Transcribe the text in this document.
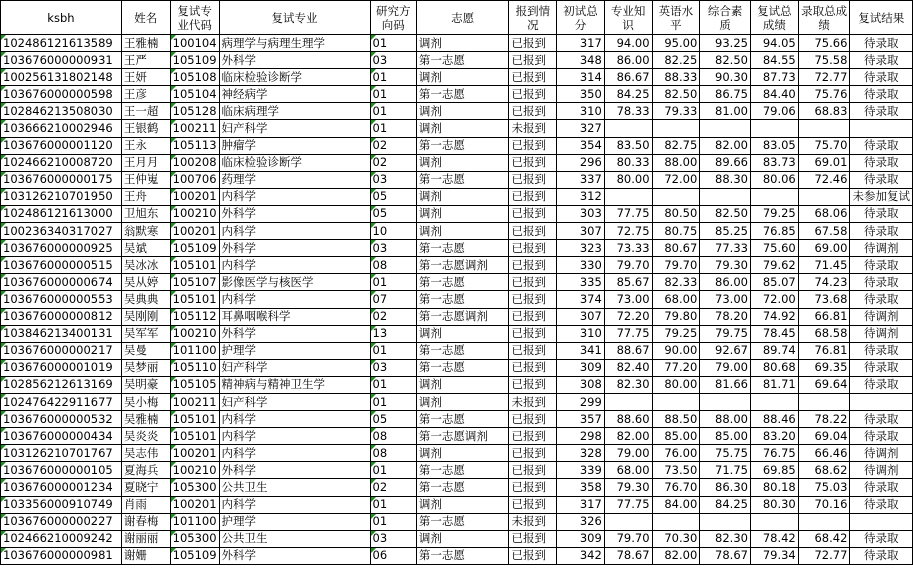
ksbh	姓名	复试专业代码	复试专业	研究方向码	志愿	报到情况	初试总分	专业知识	英语水平	综合素质	复试总成绩	录取总成绩	复试结果
102486121613589	王雅楠	100104	病理学与病理生理学	01	调剂	已报到	317	94.00	95.00	93.25	94.05	75.66	待录取
103676000000931	王严	105109	外科学	03	第一志愿	已报到	348	86.00	82.25	82.50	84.55	75.58	待录取
100256131802148	王妍	105108	临床检验诊断学	01	调剂	已报到	314	86.67	88.33	90.30	87.73	72.77	待录取
103676000000598	王彦	105104	神经病学	01	第一志愿	已报到	350	84.25	82.50	86.75	84.40	75.76	待录取
102846213508030	王一超	105128	临床病理学	01	调剂	已报到	310	78.33	79.33	81.00	79.06	68.83	待录取
103666210002946	王银鹤	100211	妇产科学	01	调剂	未报到	327						
103676000001120	王永	105113	肿瘤学	02	第一志愿	已报到	354	83.50	82.75	82.00	83.05	75.70	待录取
102466210008720	王月月	100208	临床检验诊断学	02	调剂	已报到	296	80.33	88.00	89.66	83.73	69.01	待录取
103676000000175	王仲嵬	100706	药理学	03	第一志愿	已报到	337	80.00	72.00	88.30	80.06	72.46	待录取
103126210701950	王舟	100201	内科学	05	调剂	已报到	312						未参加复试
102486121613000	卫旭东	100210	外科学	05	调剂	已报到	303	77.75	80.50	82.50	79.25	68.06	待录取
100236340317027	翁默寒	100201	内科学	10	调剂	已报到	307	72.75	80.75	85.25	76.85	67.58	待录取
103676000000925	吴斌	105109	外科学	03	第一志愿	已报到	323	73.33	80.67	77.33	75.60	69.00	待调剂
103676000000515	吴冰冰	105101	内科学	08	第一志愿调剂	已报到	330	79.70	79.70	79.30	79.62	71.45	待录取
103676000000674	吴从婷	105107	影像医学与核医学	01	第一志愿	已报到	335	85.67	82.33	86.00	85.07	74.23	待录取
103676000000553	吴典典	105101	内科学	07	第一志愿	已报到	374	73.00	68.00	73.00	72.00	73.68	待录取
103676000000812	吴刚刚	105112	耳鼻咽喉科学	02	第一志愿调剂	已报到	307	72.20	79.80	78.20	74.92	66.81	待调剂
103846213400131	吴军军	100210	外科学	13	调剂	已报到	310	77.75	79.25	79.75	78.45	68.58	待调剂
103676000000217	吴曼	101100	护理学	01	第一志愿	已报到	341	88.67	90.00	92.67	89.74	76.81	待录取
103676000001019	吴梦丽	105110	妇产科学	03	第一志愿	已报到	309	82.40	77.20	79.00	80.68	69.35	待录取
102856212613169	吴明豪	105105	精神病与精神卫生学	01	调剂	已报到	308	82.30	80.00	81.66	81.71	69.64	待录取
102476422911677	吴小梅	100211	妇产科学	01	调剂	未报到	299						
103676000000532	吴雅楠	105101	内科学	05	第一志愿	已报到	357	88.60	88.50	88.00	88.46	78.22	待录取
103676000000434	吴炎炎	105101	内科学	08	第一志愿调剂	已报到	298	82.00	85.00	85.00	83.20	69.04	待录取
103126210701767	吴志伟	100201	内科学	08	调剂	已报到	328	79.00	76.00	75.75	76.75	66.46	待调剂
103676000000105	夏海兵	100210	外科学	01	第一志愿	已报到	339	68.00	73.50	71.75	69.85	68.62	待调剂
103676000001234	夏晓宁	105300	公共卫生	02	第一志愿	已报到	358	79.30	76.70	86.30	80.18	75.03	待录取
103356000910749	肖雨	100201	内科学	01	调剂	已报到	317	77.75	84.00	84.25	80.30	70.16	待录取
103676000000227	谢春梅	101100	护理学	01	第一志愿	未报到	326						
102466210009242	谢丽丽	105300	公共卫生	03	调剂	已报到	309	79.70	70.30	82.30	78.42	68.42	待录取
103676000000981	谢姗	105109	外科学	06	第一志愿	已报到	342	78.67	82.00	78.67	79.34	72.77	待录取
